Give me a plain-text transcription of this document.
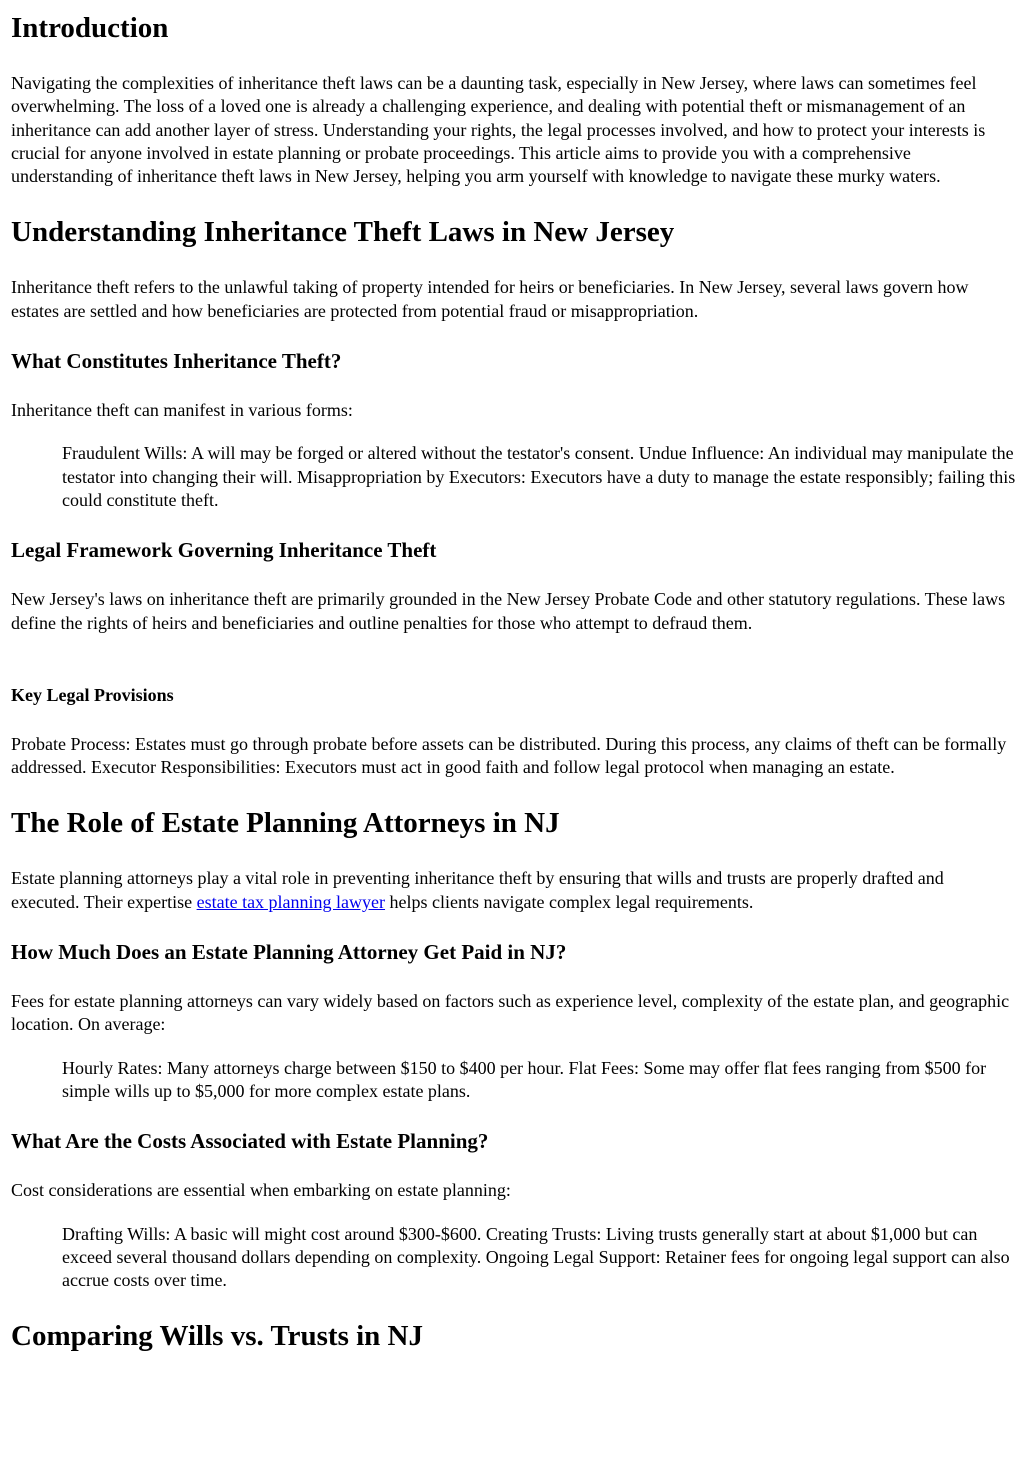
Introduction

Navigating the complexities of inheritance theft laws can be a daunting task, especially in New Jersey, where laws can sometimes feel overwhelming. The loss of a loved one is already a challenging experience, and dealing with potential theft or mismanagement of an inheritance can add another layer of stress. Understanding your rights, the legal processes involved, and how to protect your interests is crucial for anyone involved in estate planning or probate proceedings. This article aims to provide you with a comprehensive understanding of inheritance theft laws in New Jersey, helping you arm yourself with knowledge to navigate these murky waters.

Understanding Inheritance Theft Laws in New Jersey

Inheritance theft refers to the unlawful taking of property intended for heirs or beneficiaries. In New Jersey, several laws govern how estates are settled and how beneficiaries are protected from potential fraud or misappropriation.

What Constitutes Inheritance Theft?

Inheritance theft can manifest in various forms:

Fraudulent Wills: A will may be forged or altered without the testator's consent. Undue Influence: An individual may manipulate the testator into changing their will. Misappropriation by Executors: Executors have a duty to manage the estate responsibly; failing this could constitute theft.
Legal Framework Governing Inheritance Theft

New Jersey's laws on inheritance theft are primarily grounded in the New Jersey Probate Code and other statutory regulations. These laws define the rights of heirs and beneficiaries and outline penalties for those who attempt to defraud them.

Key Legal Provisions

Probate Process: Estates must go through probate before assets can be distributed. During this process, any claims of theft can be formally addressed. Executor Responsibilities: Executors must act in good faith and follow legal protocol when managing an estate.

The Role of Estate Planning Attorneys in NJ

Estate planning attorneys play a vital role in preventing inheritance theft by ensuring that wills and trusts are properly drafted and executed. Their expertise estate tax planning lawyer helps clients navigate complex legal requirements.

How Much Does an Estate Planning Attorney Get Paid in NJ?

Fees for estate planning attorneys can vary widely based on factors such as experience level, complexity of the estate plan, and geographic location. On average:

Hourly Rates: Many attorneys charge between $150 to $400 per hour. Flat Fees: Some may offer flat fees ranging from $500 for simple wills up to $5,000 for more complex estate plans.
What Are the Costs Associated with Estate Planning?

Cost considerations are essential when embarking on estate planning:

Drafting Wills: A basic will might cost around $300-$600. Creating Trusts: Living trusts generally start at about $1,000 but can exceed several thousand dollars depending on complexity. Ongoing Legal Support: Retainer fees for ongoing legal support can also accrue costs over time.
Comparing Wills vs. Trusts in NJ
